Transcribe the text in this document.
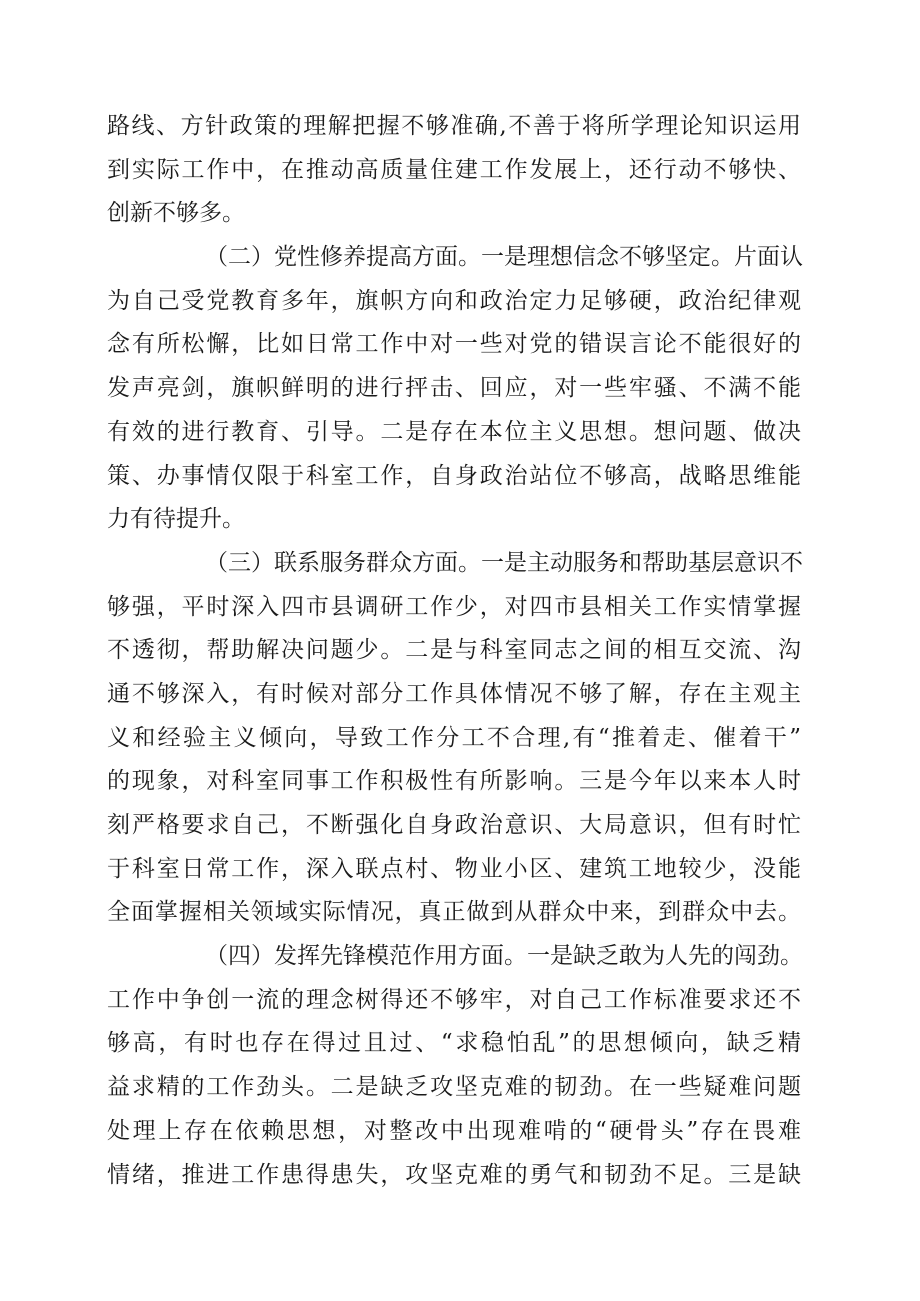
路线、方针政策的理解把握不够准确,不善于将所学理论知识运用
到实际工作中，在推动高质量住建工作发展上，还行动不够快、
创新不够多。
（二）党性修养提高方面。一是理想信念不够坚定。片面认
为自己受党教育多年，旗帜方向和政治定力足够硬，政治纪律观
念有所松懈，比如日常工作中对一些对党的错误言论不能很好的
发声亮剑，旗帜鲜明的进行抨击、回应，对一些牢骚、不满不能
有效的进行教育、引导。二是存在本位主义思想。想问题、做决
策、办事情仅限于科室工作，自身政治站位不够高，战略思维能
力有待提升。
（三）联系服务群众方面。一是主动服务和帮助基层意识不
够强，平时深入四市县调研工作少，对四市县相关工作实情掌握
不透彻，帮助解决问题少。二是与科室同志之间的相互交流、沟
通不够深入，有时候对部分工作具体情况不够了解，存在主观主
义和经验主义倾向，导致工作分工不合理,有“推着走、催着干”
的现象，对科室同事工作积极性有所影响。三是今年以来本人时
刻严格要求自己，不断强化自身政治意识、大局意识，但有时忙
于科室日常工作，深入联点村、物业小区、建筑工地较少，没能
全面掌握相关领域实际情况，真正做到从群众中来，到群众中去。
（四）发挥先锋模范作用方面。一是缺乏敢为人先的闯劲。
工作中争创一流的理念树得还不够牢，对自己工作标准要求还不
够高，有时也存在得过且过、“求稳怕乱”的思想倾向，缺乏精
益求精的工作劲头。二是缺乏攻坚克难的韧劲。在一些疑难问题
处理上存在依赖思想，对整改中出现难啃的“硬骨头”存在畏难
情绪，推进工作患得患失，攻坚克难的勇气和韧劲不足。三是缺
